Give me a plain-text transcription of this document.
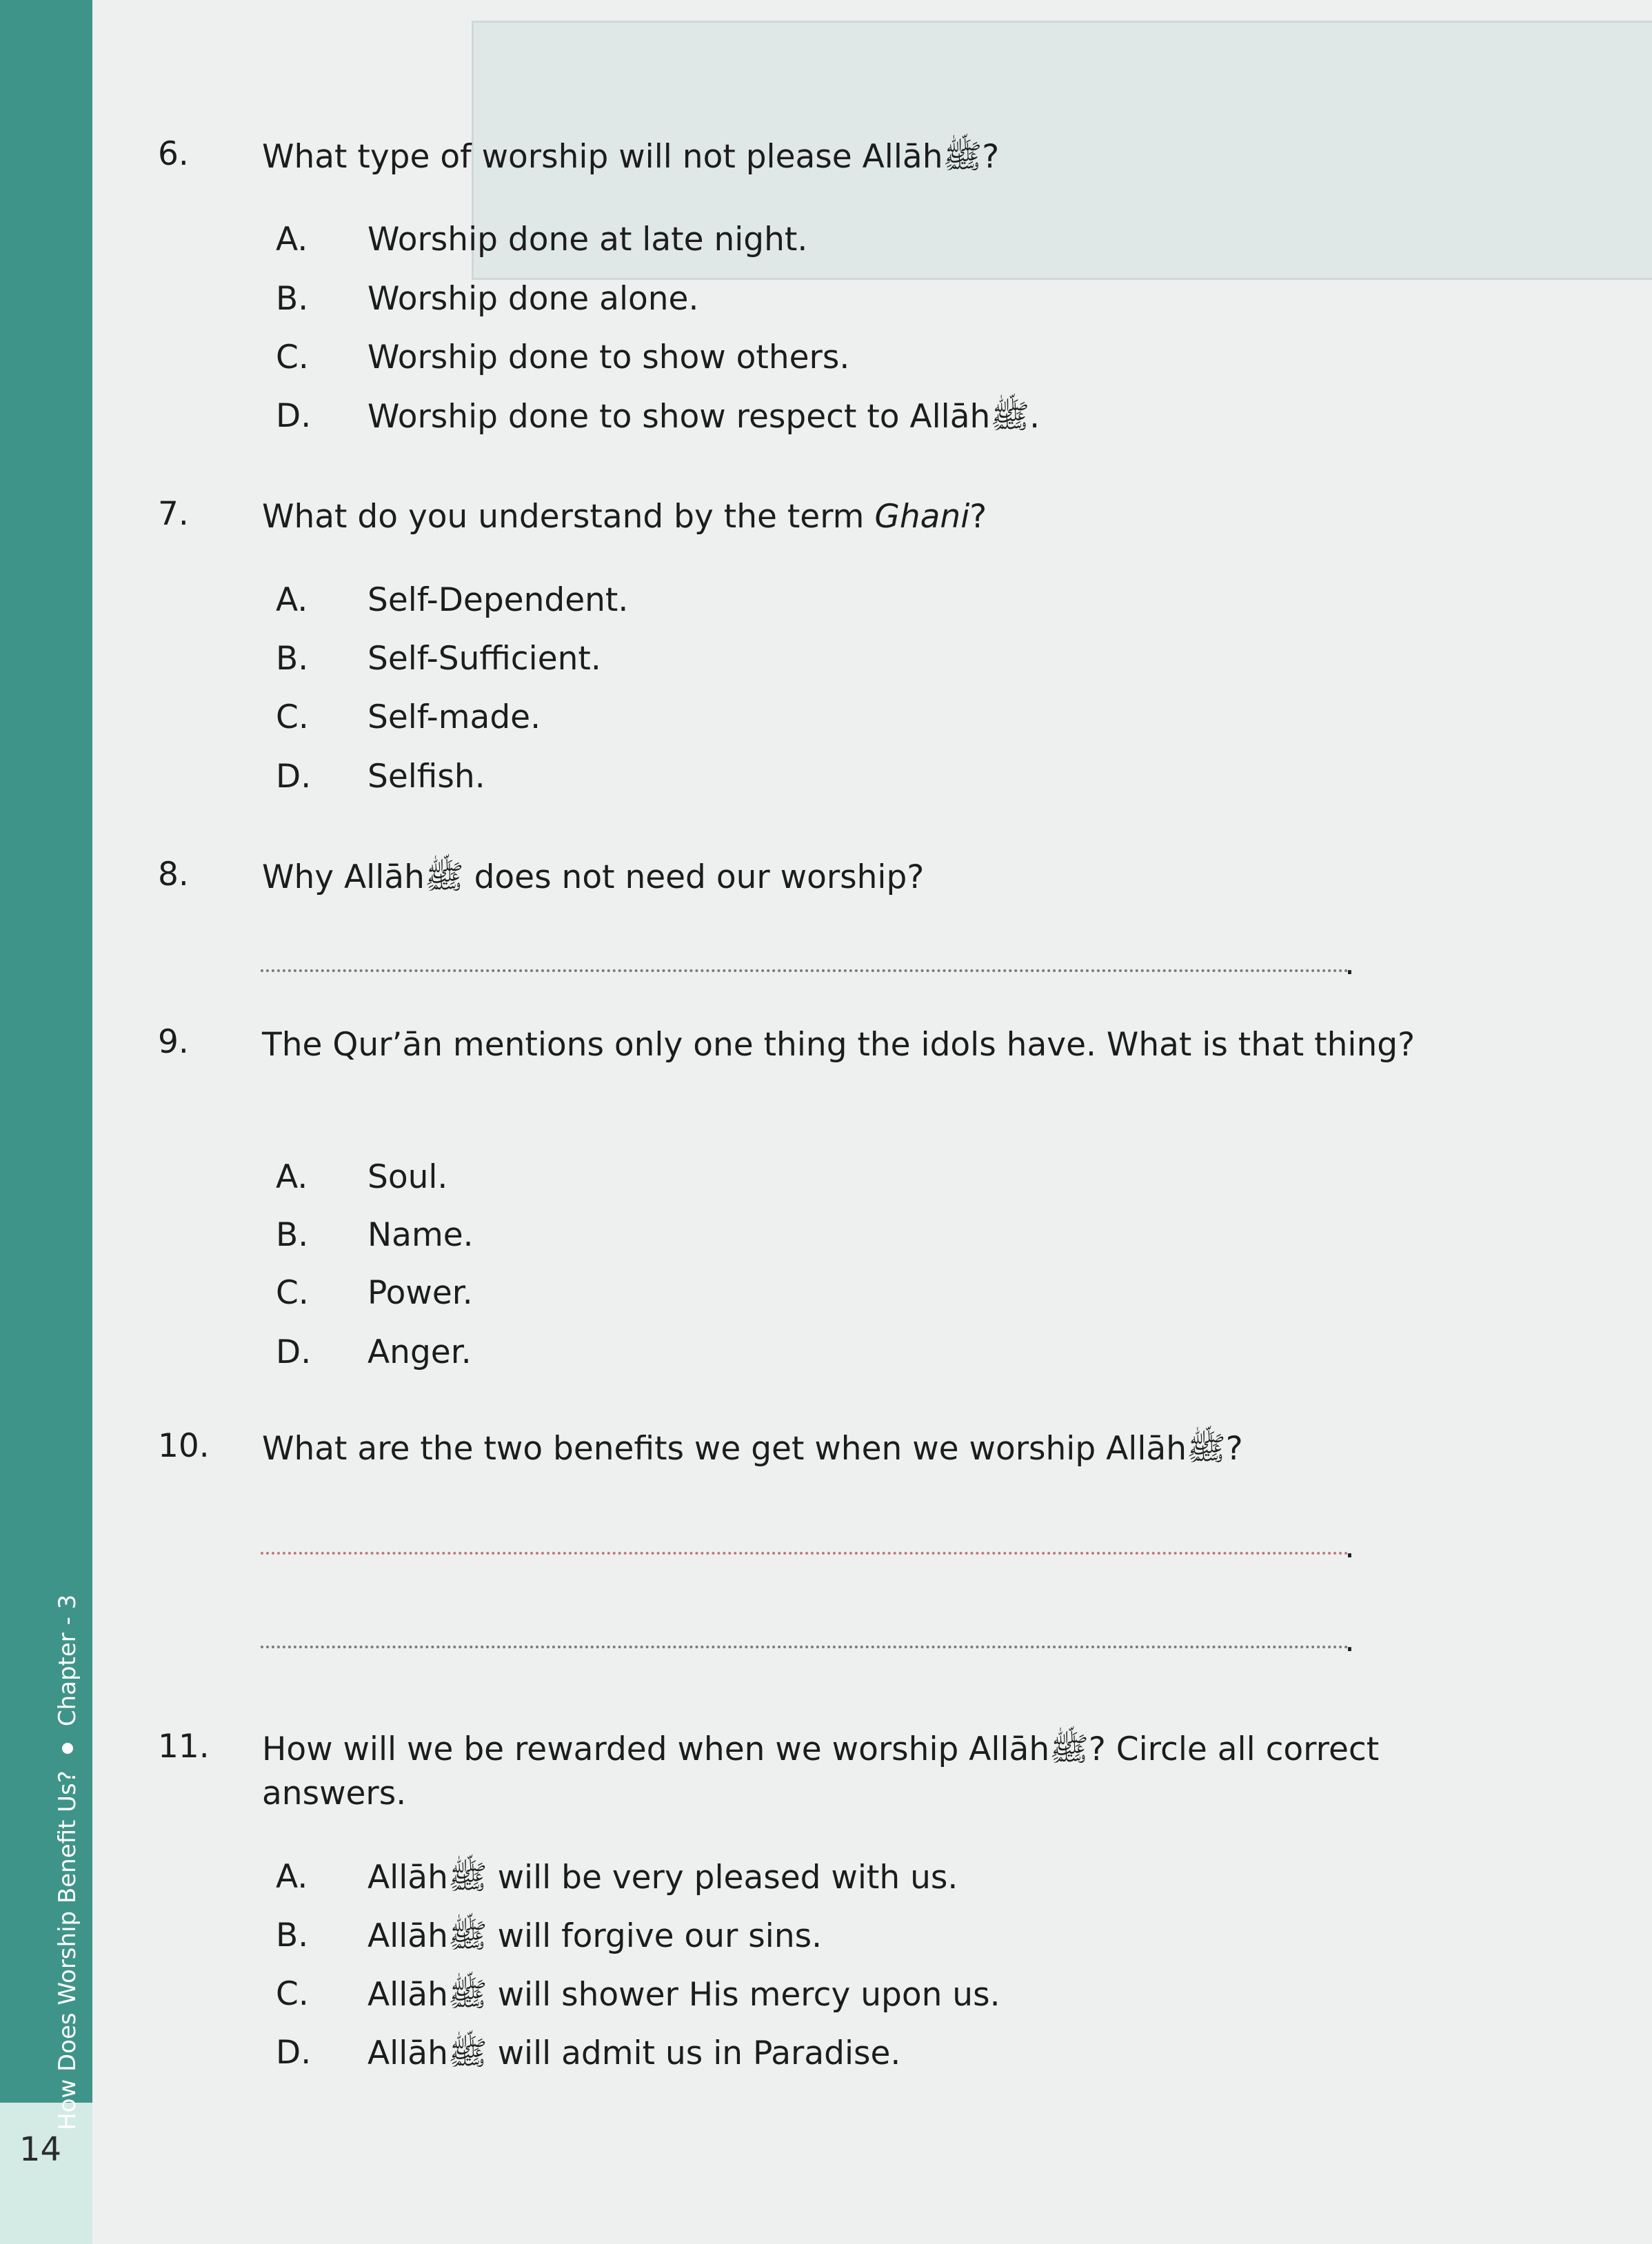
14
How Does Worship Benefit Us?
Chapter - 3
6. What type of worship will not please Allāhﷺ?
A. Worship done at late night.
B. Worship done alone.
C. Worship done to show others.
D. Worship done to show respect to Allāhﷺ.
7. What do you understand by the term Ghani?
A. Self-Dependent.
B. Self-Sufficient.
C. Self-made.
D. Selfish.
8. Why Allāhﷺ does not need our worship?
.
9. The Qur’ān mentions only one thing the idols have. What is that thing?
A. Soul.
B. Name.
C. Power.
D. Anger.
10. What are the two benefits we get when we worship Allāhﷺ?
.
.
11. How will we be rewarded when we worship Allāhﷺ? Circle all correct answers.
A. Allāhﷺ will be very pleased with us.
B. Allāhﷺ will forgive our sins.
C. Allāhﷺ will shower His mercy upon us.
D. Allāhﷺ will admit us in Paradise.
